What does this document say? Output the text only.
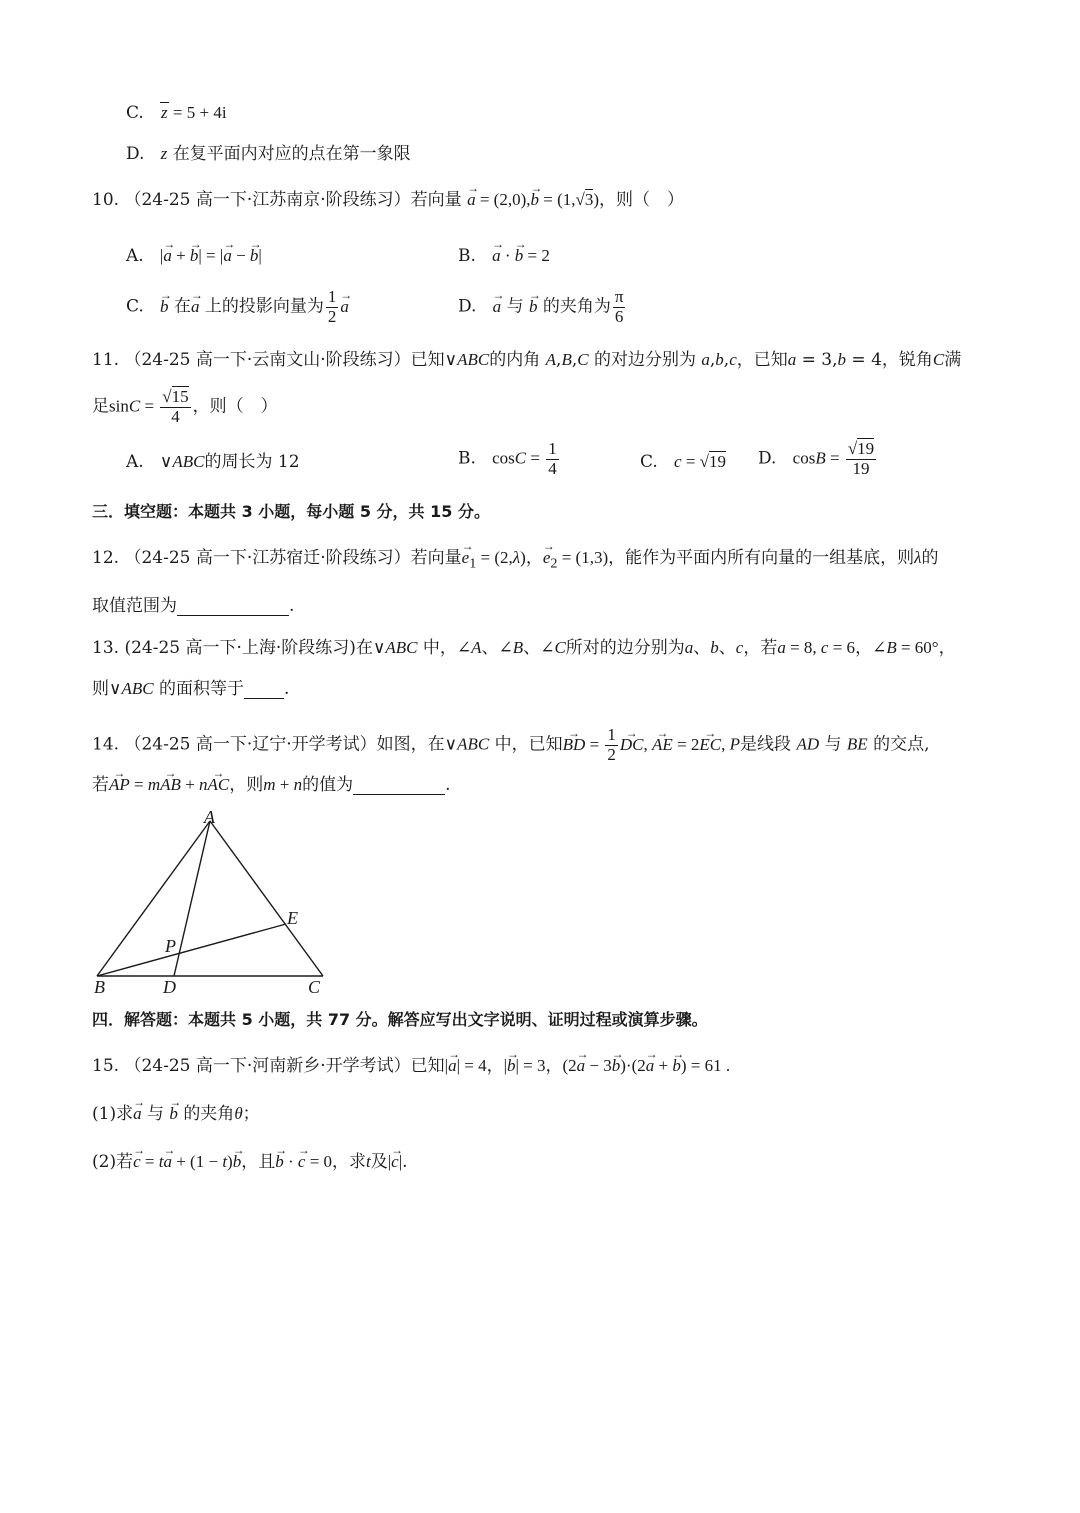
C. z = 5 + 4i
D. z 在复平面内对应的点在第一象限
10. （24-25 高一下·江苏南京·阶段练习）若向量 → a = (2,0),→ b = (1,√3)，则（　）
A. |→ a + → b| = |→ a − → b|	B.   → a · → b = 2
C.   → b 在→ a 上的投影向量为 $\frac{1}{2}$
→ a	D.   → a 与 → b 的夹角为 $\frac{\pi}{6}$
11. （24-25 高一下·云南文山·阶段练习）已知∨ABC的内角 A,B,C 的对边分别为 a,b,c，已知a = 3,b = 4，锐角C满
足$\sin C = \frac{√15}{4}$ ，则（　）
A. ∨ABC的周长为 12	B. $\cos C = \frac{1}{4}$	C. c = √19 D. $\cos B = \frac{√19}{19}$
三．填空题：本题共 3 小题，每小题 5 分，共 15 分。
12. （24-25 高一下·江苏宿迁·阶段练习）若向量→ $e_1 = (2,\lambda)$，→ $e_2 = (1,3)$，能作为平面内所有向量的一组基底，则λ的
取值范围为	.
13. (24-25 高一下·上海·阶段练习)在∨ABC 中，∠A、∠B、∠C所对的边分别为a、b、c，若a = 8, c = 6，∠B = 60°，
则∨ABC 的面积等于 .
14. （24-25 高一下·辽宁·开学考试）如图，在∨ABC 中，已知→ BD = $\frac{1}{2}$
→ DC, → AE = 2→ EC, P是线段 AD 与 BE 的交点,
若→ AP = m→ AB + n→ AC，则m + n的值为	.
A
B	C
D
E
P
四．解答题：本题共 5 小题，共 77 分。解答应写出文字说明、证明过程或演算步骤。
15. （24-25 高一下·河南新乡·开学考试）已知|→ a| = 4，|→ b| = 3，(2→ a − 3→ b)·(2→ a + → b) = 61 .
(1)求→ a 与 → b 的夹角θ；
(2)若→ c = t→ a + (1 − t)→ b，且→ b · → c = 0，求t及|→ c|.
